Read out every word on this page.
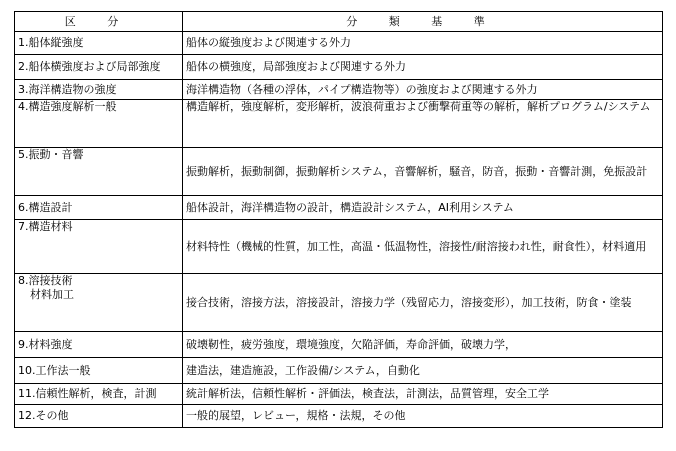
区 分	分 類 基 準
1.船体縦強度	船体の縦強度および関連する外力
2.船体横強度および局部強度	船体の横強度，局部強度および関連する外力
3.海洋構造物の強度	海洋構造物（各種の浮体，パイプ構造物等）の強度および関連する外力
4.構造強度解析一般	構造解析，強度解析，変形解析，波浪荷重および衝撃荷重等の解析，解析プログラム/システム
5.振動・音響	振動解析，振動制御，振動解析システム，音響解析，騒音，防音，振動・音響計測，免振設計
6.構造設計	船体設計，海洋構造物の設計，構造設計システム，AI利用システム
7.構造材料	材料特性（機械的性質，加工性，高温・低温物性，溶接性/耐溶接われ性，耐食性），材料適用

8.溶接技術
材料加工	接合技術，溶接方法，溶接設計，溶接力学（残留応力，溶接変形），加工技術，防食・塗装
9.材料強度	破壊靭性，疲労強度，環境強度，欠陥評価，寿命評価，破壊力学，
10.工作法一般	建造法，建造施設，工作設備/システム，自動化
11.信頼性解析，検査，計測	統計解析法，信頼性解析・評価法，検査法，計測法，品質管理，安全工学
12.その他	一般的展望，レビュー，規格・法規，その他
